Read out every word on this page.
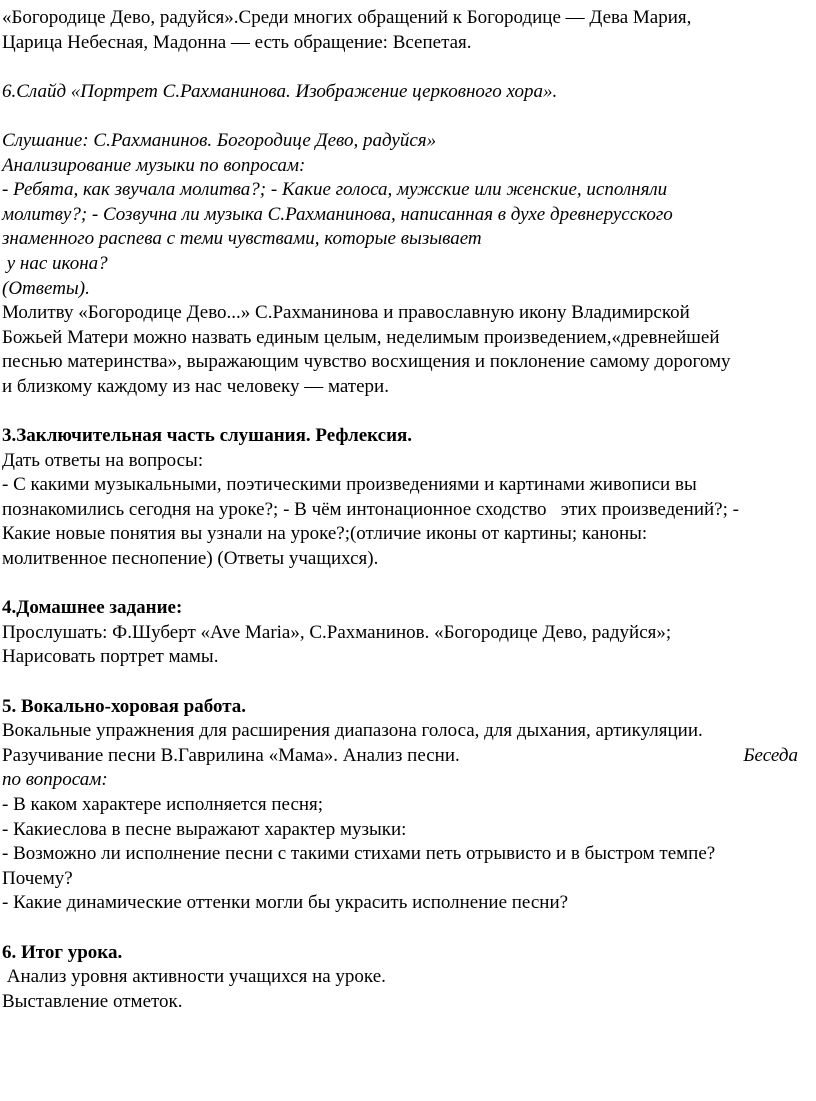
«Богородице Дево, радуйся».Среди многих обращений к Богородице — Дева Мария,
Царица Небесная, Мадонна — есть обращение: Всепетая.
6.Слайд «Портрет С.Рахманинова. Изображение церковного хора».
Слушание: С.Рахманинов. Богородице Дево, радуйся»
Анализирование музыки по вопросам:
- Ребята, как звучала молитва?; - Какие голоса, мужские или женские, исполняли
молитву?; - Созвучна ли музыка С.Рахманинова, написанная в духе древнерусского
знаменного распева с теми чувствами, которые вызывает
у нас икона?
(Ответы).
Молитву «Богородице Дево...» С.Рахманинова и православную икону Владимирской
Божьей Матери можно назвать единым целым, неделимым произведением,«древнейшей
песнью материнства», выражающим чувство восхищения и поклонение самому дорогому
и близкому каждому из нас человеку — матери.
3.Заключительная часть слушания. Рефлексия.
Дать ответы на вопросы:
- С какими музыкальными, поэтическими произведениями и картинами живописи вы
познакомились сегодня на уроке?; - В чём интонационное сходство   этих произведений?; -
Какие новые понятия вы узнали на уроке?;(отличие иконы от картины; каноны:
молитвенное песнопение) (Ответы учащихся).
4.Домашнее задание:
Прослушать: Ф.Шуберт «Ave Maria», С.Рахманинов. «Богородице Дево, радуйся»;
Нарисовать портрет мамы.
5. Вокально-хоровая работа.
Вокальные упражнения для расширения диапазона голоса, для дыхания, артикуляции.
Разучивание песни В.Гаврилина «Мама». Анализ песни.	Беседа
по вопросам:
- В каком характере исполняется песня;
- Какиеслова в песне выражают характер музыки:
- Возможно ли исполнение песни с такими стихами петь отрывисто и в быстром темпе?
Почему?
- Какие динамические оттенки могли бы украсить исполнение песни?
6. Итог урока.
Анализ уровня активности учащихся на уроке.
Выставление отметок.
